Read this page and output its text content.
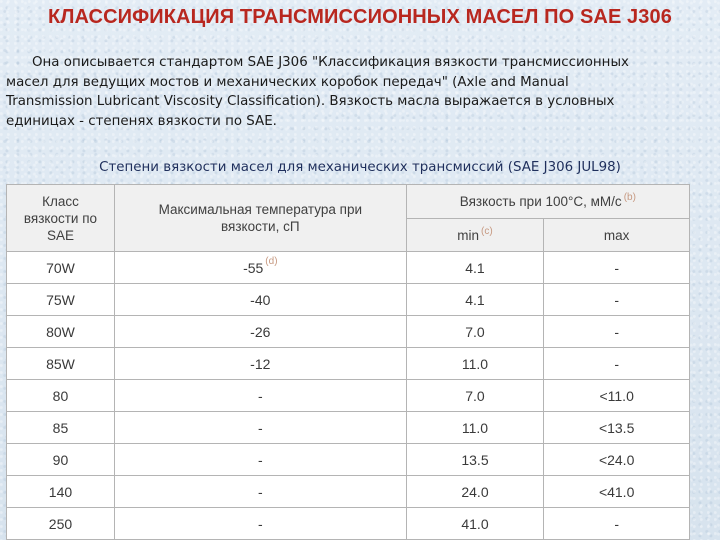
КЛАССИФИКАЦИЯ ТРАНСМИССИОННЫХ МАСЕЛ ПО SAE J306
Она описывается стандартом SAE J306 "Классификация вязкости трансмиссионных
масел для ведущих мостов и механических коробок передач" (Axle and Manual
Transmission Lubricant Viscosity Classification). Вязкость масла выражается в условных
единицах - степенях вязкости по SAE.
Степени вязкости масел для механических трансмиссий (SAE J306 JUL98)
Класс вязкости по SAE	Максимальная температура при вязкости, сП	Вязкость при 100°С, мМ/с $^{(b)}$
		min $^{(c)}$	max
70W	-55 $^{(d)}$	4.1	-
75W	-40	4.1	-
80W	-26	7.0	-
85W	-12	11.0	-
80	-	7.0	<11.0
85	-	11.0	<13.5
90	-	13.5	<24.0
140	-	24.0	<41.0
250	-	41.0	-
